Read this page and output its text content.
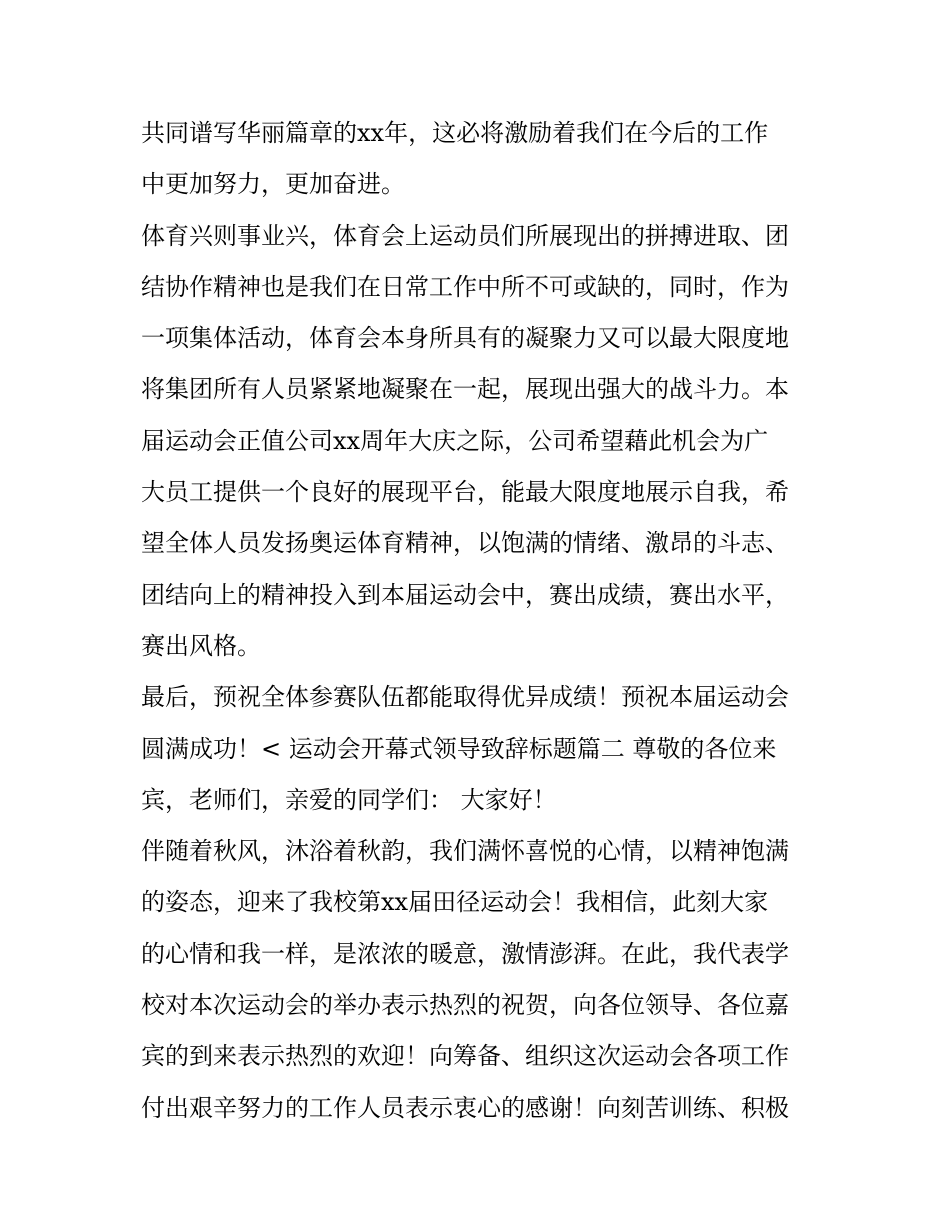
共同谱写华丽篇章的xx年，这必将激励着我们在今后的工作
中更加努力，更加奋进。
体育兴则事业兴，体育会上运动员们所展现出的拼搏进取、团
结协作精神也是我们在日常工作中所不可或缺的，同时，作为
一项集体活动，体育会本身所具有的凝聚力又可以最大限度地
将集团所有人员紧紧地凝聚在一起，展现出强大的战斗力。本
届运动会正值公司xx周年大庆之际，公司希望藉此机会为广
大员工提供一个良好的展现平台，能最大限度地展示自我，希
望全体人员发扬奥运体育精神，以饱满的情绪、激昂的斗志、
团结向上的精神投入到本届运动会中，赛出成绩，赛出水平，
赛出风格。
最后，预祝全体参赛队伍都能取得优异成绩！预祝本届运动会
圆满成功！< 运动会开幕式领导致辞标题篇二 尊敬的各位来
宾，老师们，亲爱的同学们： 大家好！
伴随着秋风，沐浴着秋韵，我们满怀喜悦的心情，以精神饱满
的姿态，迎来了我校第xx届田径运动会！我相信，此刻大家
的心情和我一样，是浓浓的暖意，激情澎湃。在此，我代表学
校对本次运动会的举办表示热烈的祝贺，向各位领导、各位嘉
宾的到来表示热烈的欢迎！向筹备、组织这次运动会各项工作
付出艰辛努力的工作人员表示衷心的感谢！向刻苦训练、积极
